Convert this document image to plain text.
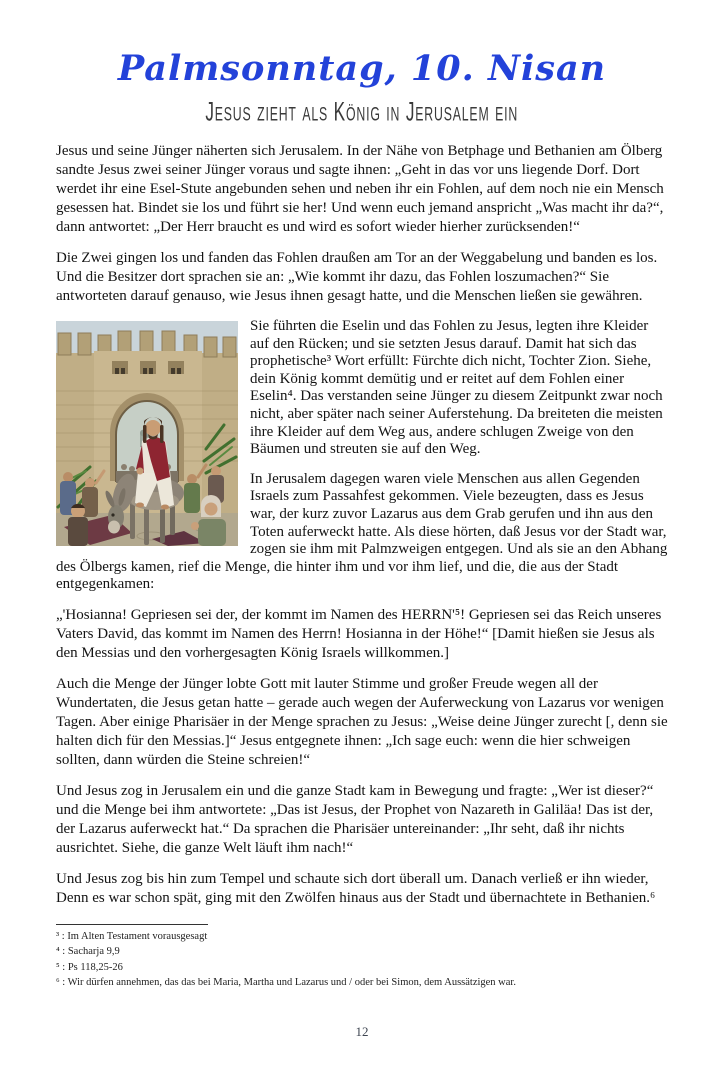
Palmsonntag, 10. Nisan
Jesus zieht als König in Jerusalem ein

Jesus und seine Jünger näherten sich Jerusalem. In der Nähe von Betphage und Bethanien am Ölberg sandte Jesus zwei seiner Jünger voraus und sagte ihnen: „Geht in das vor uns liegende Dorf. Dort werdet ihr eine Esel-Stute angebunden sehen und neben ihr ein Fohlen, auf dem noch nie ein Mensch gesessen hat. Bindet sie los und führt sie her! Und wenn euch jemand anspricht „Was macht ihr da?“, dann antwortet: „Der Herr braucht es und wird es sofort wieder hierher zurücksenden!“

Die Zwei gingen los und fanden das Fohlen draußen am Tor an der Weggabelung und banden es los. Und die Besitzer dort sprachen sie an: „Wie kommt ihr dazu, das Fohlen loszumachen?“ Sie antworteten darauf genauso, wie Jesus ihnen gesagt hatte, und die Menschen ließen sie gewähren.

Sie führten die Eselin und das Fohlen zu Jesus, legten ihre Kleider auf den Rücken; und sie setzten Jesus darauf. Damit hat sich das prophetische³ Wort erfüllt: Fürchte dich nicht, Tochter Zion. Siehe, dein König kommt demütig und er reitet auf dem Fohlen einer Eselin⁴. Das verstanden seine Jünger zu diesem Zeitpunkt zwar noch nicht, aber später nach seiner Auferstehung. Da breiteten die meisten ihre Kleider auf dem Weg aus, andere schlugen Zweige von den Bäumen und streuten sie auf den Weg.

In Jerusalem dagegen waren viele Menschen aus allen Gegenden Israels zum Passahfest gekommen. Viele bezeugten, dass es Jesus war, der kurz zuvor Lazarus aus dem Grab gerufen und ihn aus den Toten auferweckt hatte. Als diese hörten, daß Jesus vor der Stadt war, zogen sie ihm mit Palmzweigen entgegen. Und als sie an den Abhang des Ölbergs kamen, rief die Menge, die hinter ihm und vor ihm lief, und die, die aus der Stadt entgegenkamen:

„'Hosianna! Gepriesen sei der, der kommt im Namen des HERRN'⁵! Gepriesen sei das Reich unseres Vaters David, das kommt im Namen des Herrn! Hosianna in der Höhe!“ [Damit hießen sie Jesus als den Messias und den vorhergesagten König Israels willkommen.]

Auch die Menge der Jünger lobte Gott mit lauter Stimme und großer Freude wegen all der Wundertaten, die Jesus getan hatte – gerade auch wegen der Auferweckung von Lazarus vor wenigen Tagen. Aber einige Pharisäer in der Menge sprachen zu Jesus: „Weise deine Jünger zurecht [, denn sie halten dich für den Messias.]“ Jesus entgegnete ihnen: „Ich sage euch: wenn die hier schweigen sollten, dann würden die Steine schreien!“

Und Jesus zog in Jerusalem ein und die ganze Stadt kam in Bewegung und fragte: „Wer ist dieser?“ und die Menge bei ihm antwortete: „Das ist Jesus, der Prophet von Nazareth in Galiläa! Das ist der, der Lazarus auferweckt hat.“ Da sprachen die Pharisäer untereinander: „Ihr seht, daß ihr nichts ausrichtet. Siehe, die ganze Welt läuft ihm nach!“

Und Jesus zog bis hin zum Tempel und schaute sich dort überall um. Danach verließ er ihn wieder, Denn es war schon spät, ging mit den Zwölfen hinaus aus der Stadt und übernachtete in Bethanien.⁶

³ : Im Alten Testament vorausgesagt

⁴ : Sacharja 9,9

⁵ : Ps 118,25-26

⁶ : Wir dürfen annehmen, das das bei Maria, Martha und Lazarus und / oder bei Simon, dem Aussätzigen war.

12
